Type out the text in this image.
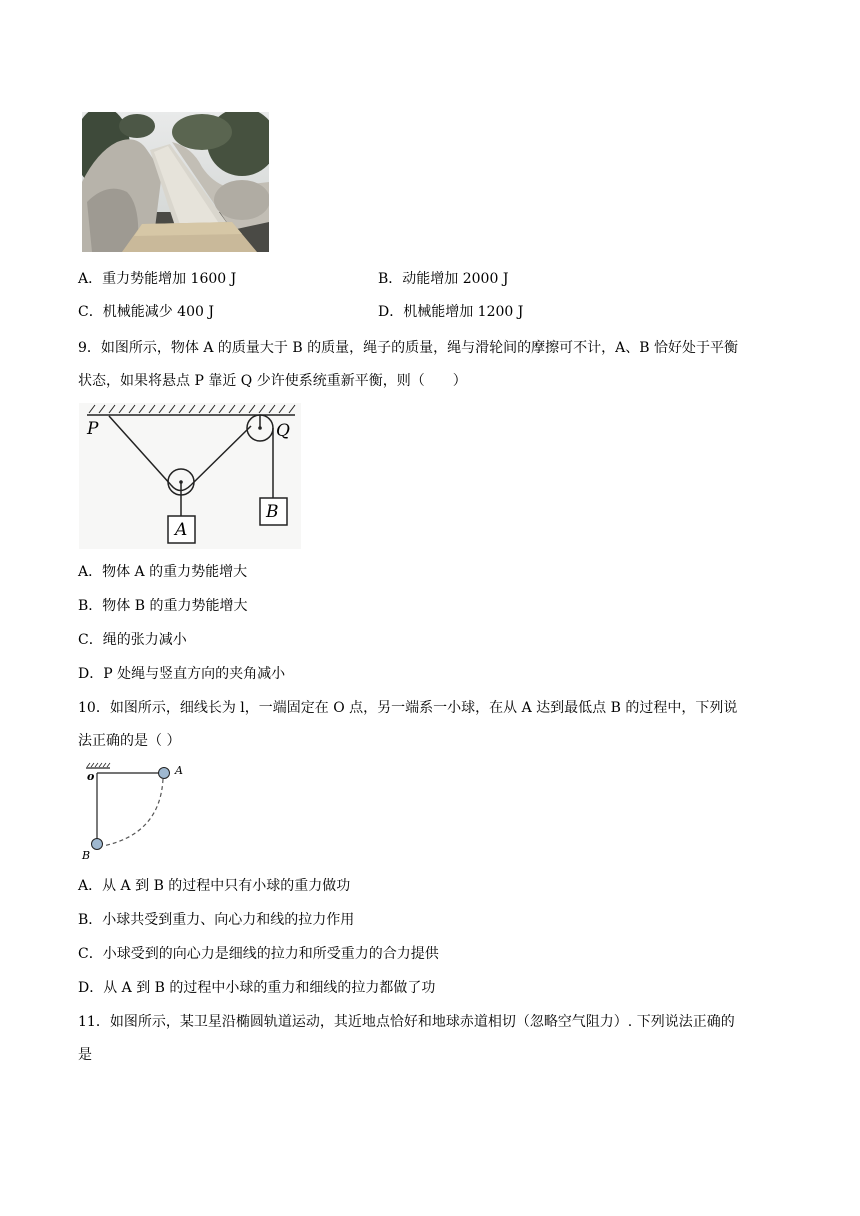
A．重力势能增加 1600 J	B．动能增加 2000 J
C．机械能减少 400 J	D．机械能增加 1200 J
9．如图所示，物体 A 的质量大于 B 的质量，绳子的质量，绳与滑轮间的摩擦可不计，A、B 恰好处于平衡
状态，如果将悬点 P 靠近 Q 少许使系统重新平衡，则（　　）
P	Q
A
B
A．物体 A 的重力势能增大
B．物体 B 的重力势能增大
C．绳的张力减小
D．P 处绳与竖直方向的夹角减小
10．如图所示，细线长为 l，一端固定在 O 点，另一端系一小球，在从 A 达到最低点 B 的过程中，下列说
法正确的是（ ）
o	A
B
A．从 A 到 B 的过程中只有小球的重力做功
B．小球共受到重力、向心力和线的拉力作用
C．小球受到的向心力是细线的拉力和所受重力的合力提供
D．从 A 到 B 的过程中小球的重力和细线的拉力都做了功
11．如图所示，某卫星沿椭圆轨道运动，其近地点恰好和地球赤道相切（忽略空气阻力）. 下列说法正确的
是
